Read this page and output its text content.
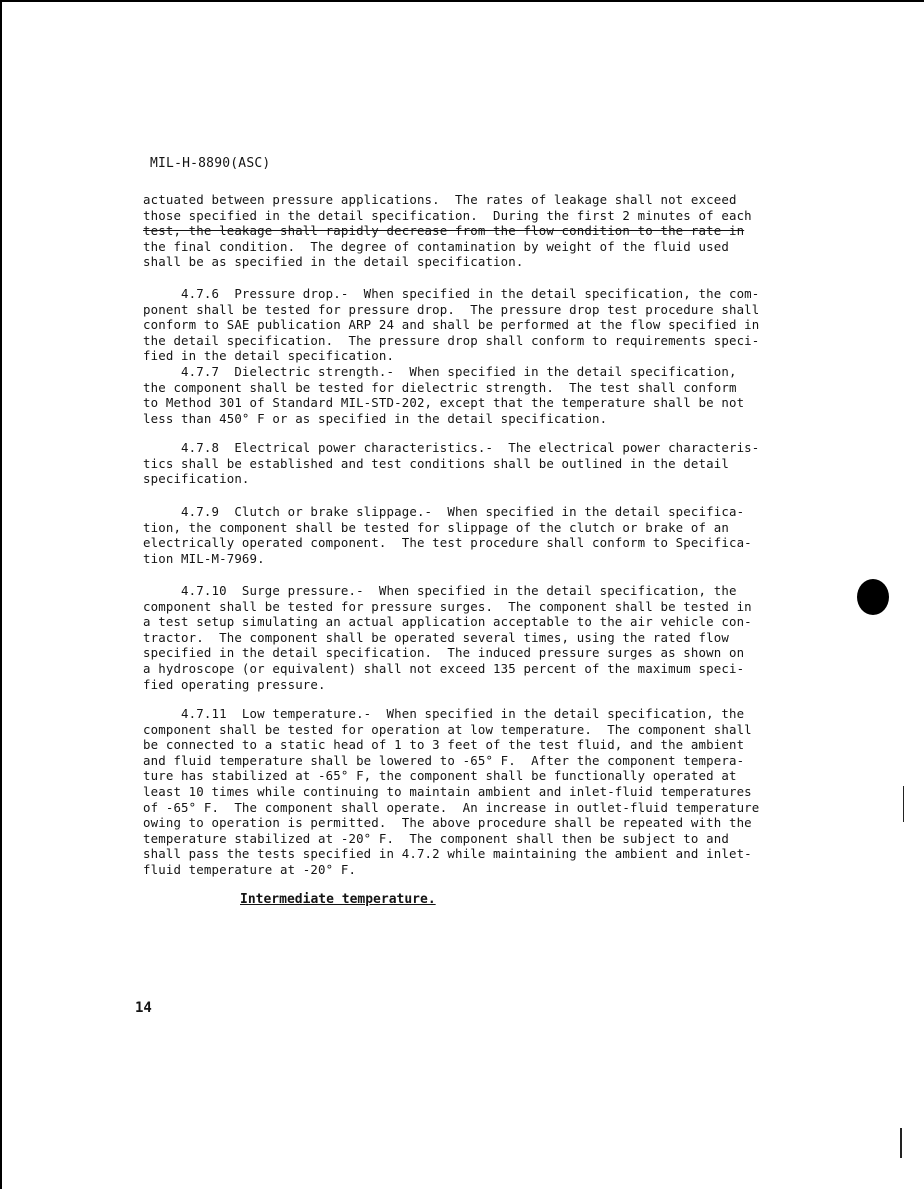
MIL-H-8890(ASC)
actuated between pressure applications.  The rates of leakage shall not exceed
those specified in the detail specification.  During the first 2 minutes of each
test, the leakage shall rapidly decrease from the flow condition to the rate in
the final condition.  The degree of contamination by weight of the fluid used
shall be as specified in the detail specification.
4.7.6  Pressure drop.-  When specified in the detail specification, the com-
ponent shall be tested for pressure drop.  The pressure drop test procedure shall
conform to SAE publication ARP 24 and shall be performed at the flow specified in
the detail specification.  The pressure drop shall conform to requirements speci-
fied in the detail specification.
4.7.7  Dielectric strength.-  When specified in the detail specification,
the component shall be tested for dielectric strength.  The test shall conform
to Method 301 of Standard MIL-STD-202, except that the temperature shall be not
less than 450° F or as specified in the detail specification.
4.7.8  Electrical power characteristics.-  The electrical power characteris-
tics shall be established and test conditions shall be outlined in the detail
specification.
4.7.9  Clutch or brake slippage.-  When specified in the detail specifica-
tion, the component shall be tested for slippage of the clutch or brake of an
electrically operated component.  The test procedure shall conform to Specifica-
tion MIL-M-7969.
4.7.10  Surge pressure.-  When specified in the detail specification, the
component shall be tested for pressure surges.  The component shall be tested in
a test setup simulating an actual application acceptable to the air vehicle con-
tractor.  The component shall be operated several times, using the rated flow
specified in the detail specification.  The induced pressure surges as shown on
a hydroscope (or equivalent) shall not exceed 135 percent of the maximum speci-
fied operating pressure.
4.7.11  Low temperature.-  When specified in the detail specification, the
component shall be tested for operation at low temperature.  The component shall
be connected to a static head of 1 to 3 feet of the test fluid, and the ambient
and fluid temperature shall be lowered to -65° F.  After the component tempera-
ture has stabilized at -65° F, the component shall be functionally operated at
least 10 times while continuing to maintain ambient and inlet-fluid temperatures
of -65° F.  The component shall operate.  An increase in outlet-fluid temperature
owing to operation is permitted.  The above procedure shall be repeated with the
temperature stabilized at -20° F.  The component shall then be subject to and
shall pass the tests specified in 4.7.2 while maintaining the ambient and inlet-
fluid temperature at -20° F.
Intermediate temperature.
14
